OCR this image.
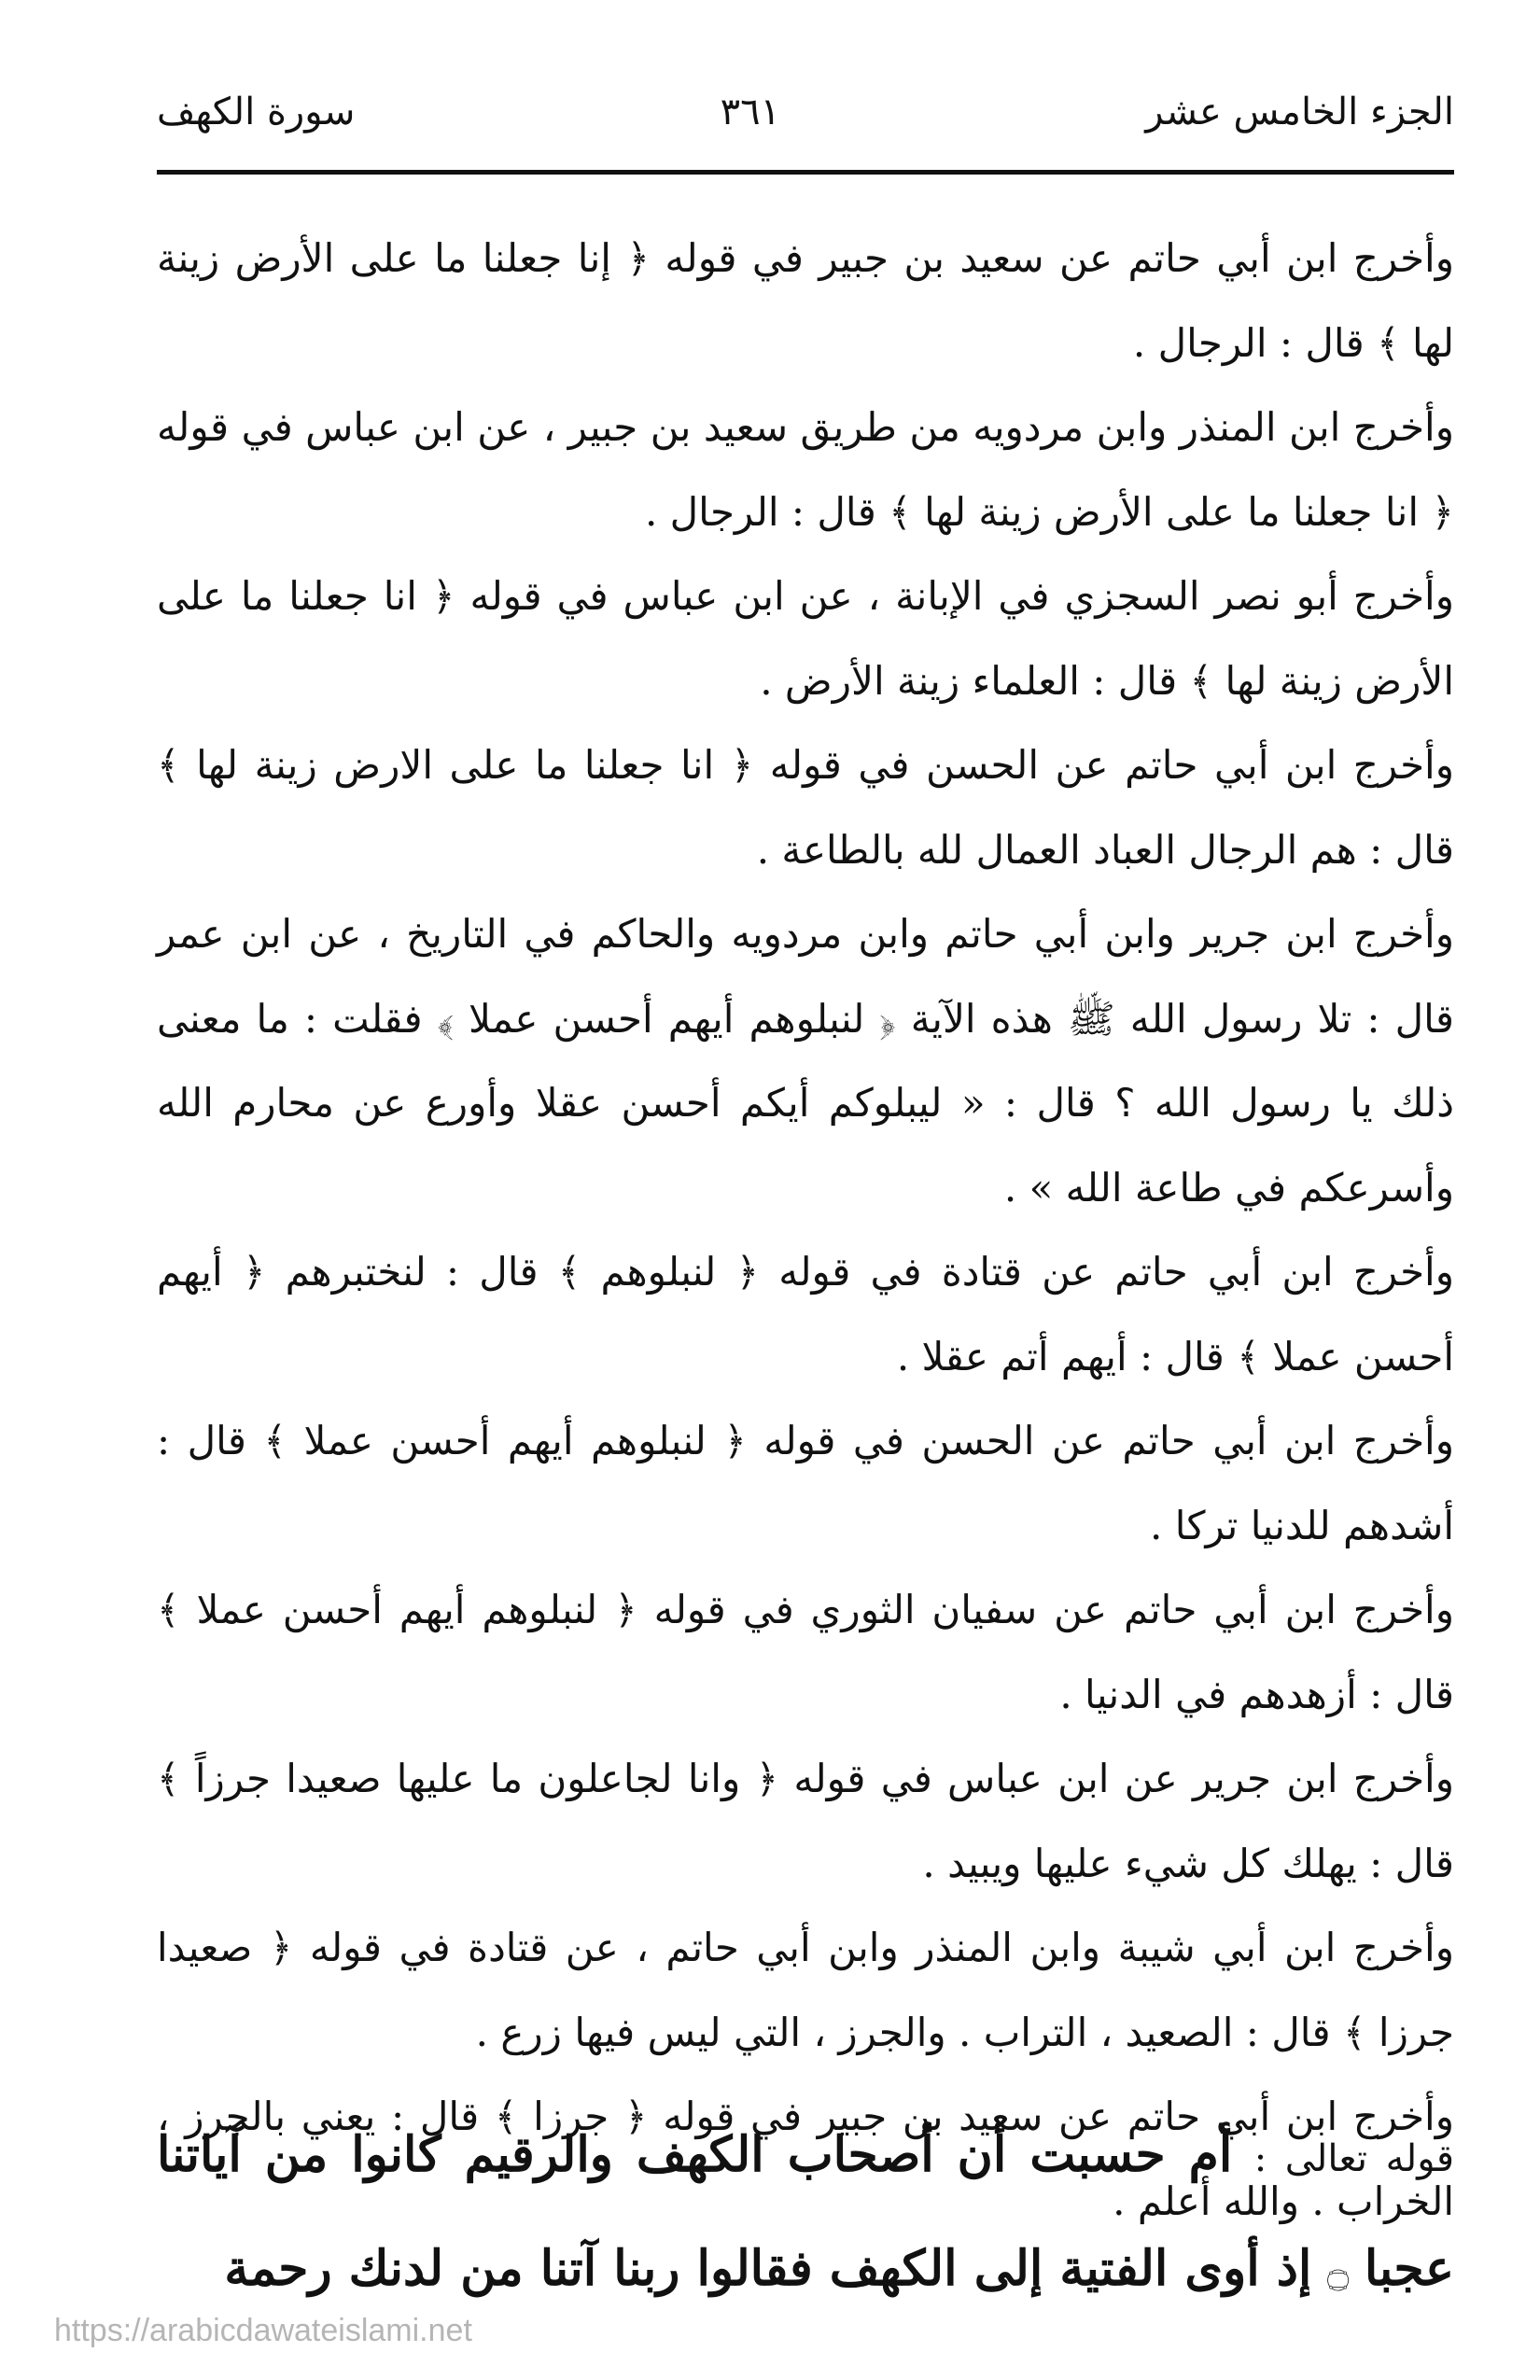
سورة الكهف	٣٦١	الجزء الخامس عشر

وأخرج ابن أبي حاتم عن سعيد بن جبير في قوله ﴿ إنا جعلنا ما على الأرض زينة لها ﴾ قال : الرجال .

وأخرج ابن المنذر وابن مردويه من طريق سعيد بن جبير ، عن ابن عباس في قوله ﴿ انا جعلنا ما على الأرض زينة لها ﴾ قال : الرجال .

وأخرج أبو نصر السجزي في الإبانة ، عن ابن عباس في قوله ﴿ انا جعلنا ما على الأرض زينة لها ﴾ قال : العلماء زينة الأرض .

وأخرج ابن أبي حاتم عن الحسن في قوله ﴿ انا جعلنا ما على الارض زينة لها ﴾ قال : هم الرجال العباد العمال لله بالطاعة .

وأخرج ابن جرير وابن أبي حاتم وابن مردويه والحاكم في التاريخ ، عن ابن عمر قال : تلا رسول الله ﷺ هذه الآية ﴿ لنبلوهم أيهم أحسن عملا ﴾ فقلت : ما معنى ذلك يا رسول الله ؟ قال : « ليبلوكم أيكم أحسن عقلا وأورع عن محارم الله وأسرعكم في طاعة الله » .

وأخرج ابن أبي حاتم عن قتادة في قوله ﴿ لنبلوهم ﴾ قال : لنختبرهم ﴿ أيهم أحسن عملا ﴾ قال : أيهم أتم عقلا .

وأخرج ابن أبي حاتم عن الحسن في قوله ﴿ لنبلوهم أيهم أحسن عملا ﴾ قال : أشدهم للدنيا تركا .

وأخرج ابن أبي حاتم عن سفيان الثوري في قوله ﴿ لنبلوهم أيهم أحسن عملا ﴾ قال : أزهدهم في الدنيا .

وأخرج ابن جرير عن ابن عباس في قوله ﴿ وانا لجاعلون ما عليها صعيدا جرزاً ﴾ قال : يهلك كل شيء عليها ويبيد .

وأخرج ابن أبي شيبة وابن المنذر وابن أبي حاتم ، عن قتادة في قوله ﴿ صعيدا جرزا ﴾ قال : الصعيد ، التراب . والجرز ، التي ليس فيها زرع .

وأخرج ابن أبي حاتم عن سعيد بن جبير في قوله ﴿ جرزا ﴾ قال : يعني بالجرز ، الخراب . والله أعلم .

قوله تعالى : أم حسبت أن أصحاب الكهف والرقيم كانوا من آياتنا عجبا ۝ إذ أوى الفتية إلى الكهف فقالوا ربنا آتنا من لدنك رحمة
https://arabicdawateislami.net
